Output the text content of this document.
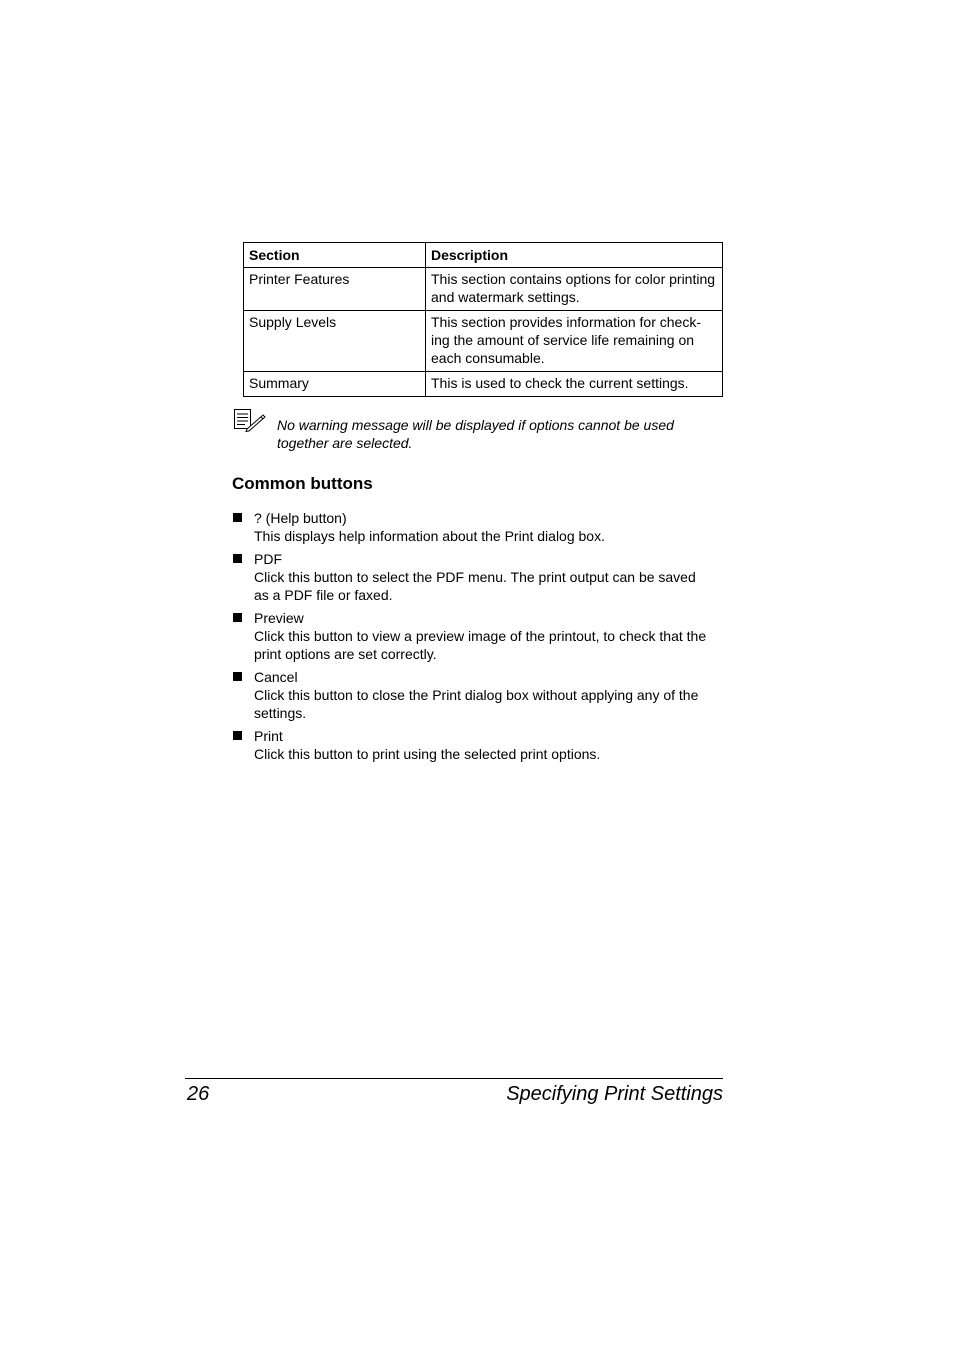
Section	Description
Printer Features	This section contains options for color printing
and watermark settings.
Supply Levels	This section provides information for check-
ing the amount of service life remaining on
each consumable.
Summary	This is used to check the current settings.
No warning message will be displayed if options cannot be used
together are selected.
Common buttons
? (Help button)
This displays help information about the Print dialog box.
PDF
Click this button to select the PDF menu. The print output can be saved
as a PDF file or faxed.
Preview
Click this button to view a preview image of the printout, to check that the
print options are set correctly.
Cancel
Click this button to close the Print dialog box without applying any of the
settings.
Print
Click this button to print using the selected print options.
26	Specifying Print Settings
